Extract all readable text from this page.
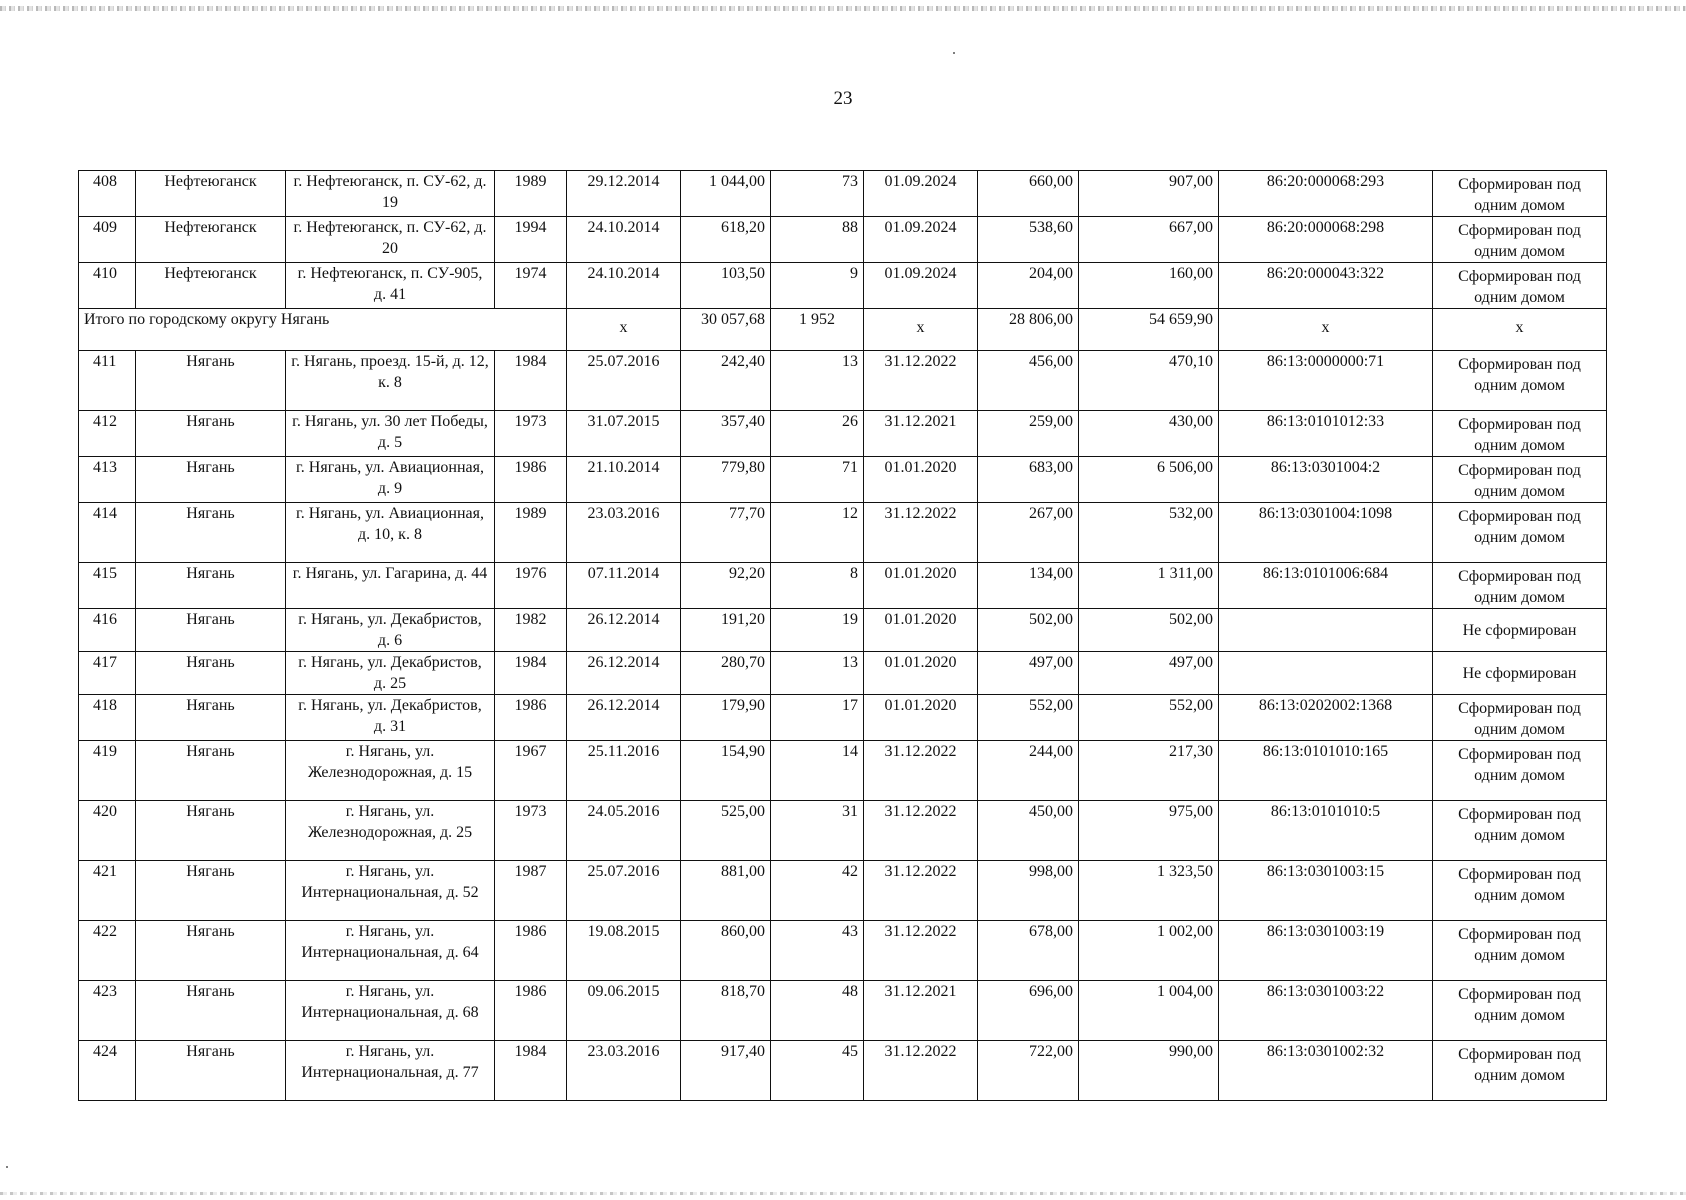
23
408	Нефтеюганск	г. Нефтеюганск, п. СУ-62, д. 19	1989	29.12.2014	1 044,00	73	01.09.2024	660,00	907,00	86:20:000068:293	Сформирован под одним домом
409	Нефтеюганск	г. Нефтеюганск, п. СУ-62, д. 20	1994	24.10.2014	618,20	88	01.09.2024	538,60	667,00	86:20:000068:298	Сформирован под одним домом
410	Нефтеюганск	г. Нефтеюганск, п. СУ-905, д. 41	1974	24.10.2014	103,50	9	01.09.2024	204,00	160,00	86:20:000043:322	Сформирован под одним домом
Итого по городскому округу Нягань				х	30 057,68	1 952	х	28 806,00	54 659,90	х	х
411	Нягань	г. Нягань, проезд. 15-й, д. 12, к. 8	1984	25.07.2016	242,40	13	31.12.2022	456,00	470,10	86:13:0000000:71	Сформирован под одним домом
412	Нягань	г. Нягань, ул. 30 лет Победы, д. 5	1973	31.07.2015	357,40	26	31.12.2021	259,00	430,00	86:13:0101012:33	Сформирован под одним домом
413	Нягань	г. Нягань, ул. Авиационная, д. 9	1986	21.10.2014	779,80	71	01.01.2020	683,00	6 506,00	86:13:0301004:2	Сформирован под одним домом
414	Нягань	г. Нягань, ул. Авиационная, д. 10, к. 8	1989	23.03.2016	77,70	12	31.12.2022	267,00	532,00	86:13:0301004:1098	Сформирован под одним домом
415	Нягань	г. Нягань, ул. Гагарина, д. 44	1976	07.11.2014	92,20	8	01.01.2020	134,00	1 311,00	86:13:0101006:684	Сформирован под одним домом
416	Нягань	г. Нягань, ул. Декабристов, д. 6	1982	26.12.2014	191,20	19	01.01.2020	502,00	502,00		Не сформирован
417	Нягань	г. Нягань, ул. Декабристов, д. 25	1984	26.12.2014	280,70	13	01.01.2020	497,00	497,00		Не сформирован
418	Нягань	г. Нягань, ул. Декабристов, д. 31	1986	26.12.2014	179,90	17	01.01.2020	552,00	552,00	86:13:0202002:1368	Сформирован под одним домом
419	Нягань	г. Нягань, ул. Железнодорожная, д. 15	1967	25.11.2016	154,90	14	31.12.2022	244,00	217,30	86:13:0101010:165	Сформирован под одним домом
420	Нягань	г. Нягань, ул. Железнодорожная, д. 25	1973	24.05.2016	525,00	31	31.12.2022	450,00	975,00	86:13:0101010:5	Сформирован под одним домом
421	Нягань	г. Нягань, ул. Интернациональная, д. 52	1987	25.07.2016	881,00	42	31.12.2022	998,00	1 323,50	86:13:0301003:15	Сформирован под одним домом
422	Нягань	г. Нягань, ул. Интернациональная, д. 64	1986	19.08.2015	860,00	43	31.12.2022	678,00	1 002,00	86:13:0301003:19	Сформирован под одним домом
423	Нягань	г. Нягань, ул. Интернациональная, д. 68	1986	09.06.2015	818,70	48	31.12.2021	696,00	1 004,00	86:13:0301003:22	Сформирован под одним домом
424	Нягань	г. Нягань, ул. Интернациональная, д. 77	1984	23.03.2016	917,40	45	31.12.2022	722,00	990,00	86:13:0301002:32	Сформирован под одним домом
